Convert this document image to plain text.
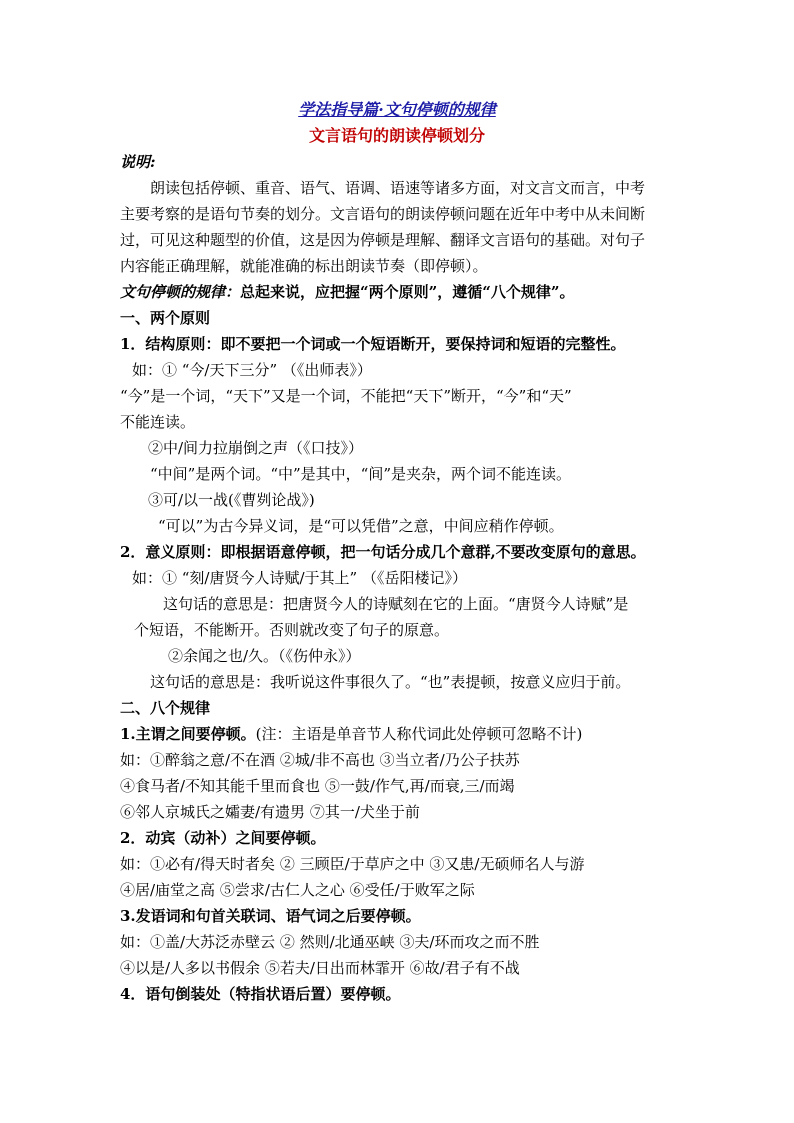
学法指导篇·文句停顿的规律
文言语句的朗读停顿划分
说明:
朗读包括停顿、重音、语气、语调、语速等诸多方面，对文言文而言，中考
主要考察的是语句节奏的划分。文言语句的朗读停顿问题在近年中考中从未间断
过，可见这种题型的价值，这是因为停顿是理解、翻译文言语句的基础。对句子
内容能正确理解，就能准确的标出朗读节奏（即停顿）。
文句停顿的规律：总起来说，应把握“两个原则”，遵循“八个规律”。
一、两个原则
1．结构原则：即不要把一个词或一个短语断开，要保持词和短语的完整性。
如：① “今/天下三分” （《出师表》）
“今”是一个词，“天下”又是一个词，不能把“天下”断开，“今”和“天”
不能连读。
②中/间力拉崩倒之声（《口技》）
“中间”是两个词。“中”是其中，“间”是夹杂，两个词不能连读。
③可/以一战(《曹刿论战》)
“可以”为古今异义词，是“可以凭借”之意，中间应稍作停顿。
2．意义原则：即根据语意停顿，把一句话分成几个意群,不要改变原句的意思。
如：① “刻/唐贤今人诗赋/于其上” （《岳阳楼记》）
这句话的意思是：把唐贤今人的诗赋刻在它的上面。“唐贤今人诗赋”是
个短语，不能断开。否则就改变了句子的原意。
②余闻之也/久。（《伤仲永》）
这句话的意思是：我听说这件事很久了。“也”表提顿，按意义应归于前。
二、八个规律
1.主谓之间要停顿。(注：主语是单音节人称代词此处停顿可忽略不计)
如：①醉翁之意/不在酒 ②城/非不高也 ③当立者/乃公子扶苏
④食马者/不知其能千里而食也 ⑤一鼓/作气,再/而衰,三/而竭
⑥邻人京城氏之孀妻/有遗男 ⑦其一/犬坐于前
2．动宾（动补）之间要停顿。
如：①必有/得天时者矣 ② 三顾臣/于草庐之中 ③又患/无硕师名人与游
④居/庙堂之高 ⑤尝求/古仁人之心 ⑥受任/于败军之际
3.发语词和句首关联词、语气词之后要停顿。
如：①盖/大苏泛赤壁云 ② 然则/北通巫峡 ③夫/环而攻之而不胜
④以是/人多以书假余 ⑤若夫/日出而林霏开 ⑥故/君子有不战
4．语句倒装处（特指状语后置）要停顿。
